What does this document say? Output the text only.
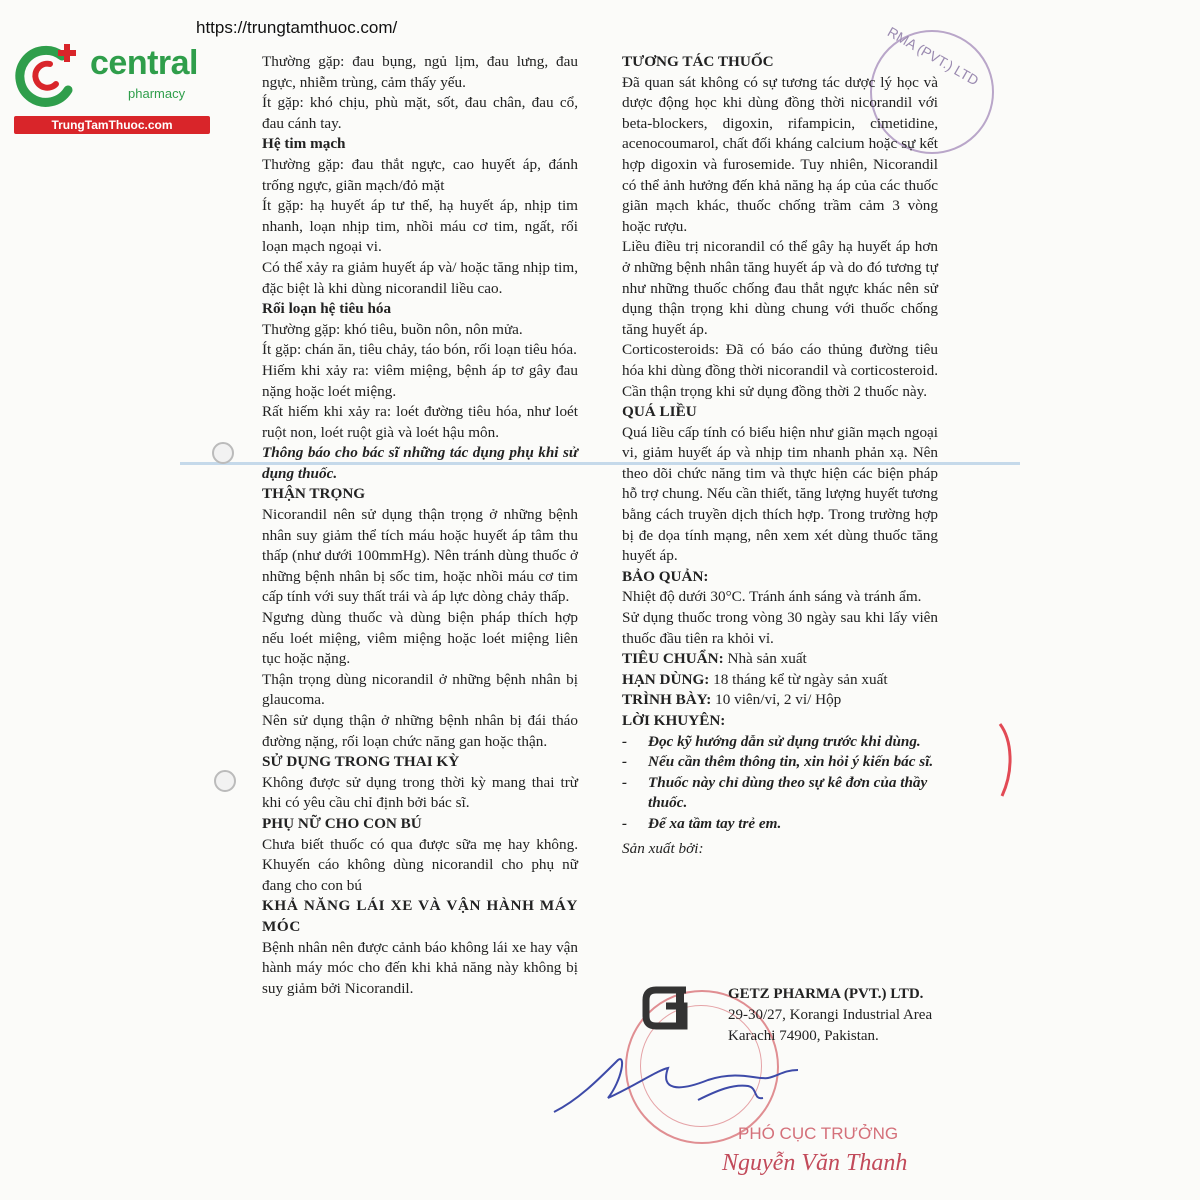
https://trungtamthuoc.com/
central
pharmacy
TrungTamThuoc.com
RMA (PVT.) LTD

Thường gặp: đau bụng, ngủ lịm, đau lưng, đau ngực, nhiễm trùng, cảm thấy yếu.

Ít gặp: khó chịu, phù mặt, sốt, đau chân, đau cổ, đau cánh tay.

Hệ tim mạch

Thường gặp: đau thắt ngực, cao huyết áp, đánh trống ngực, giãn mạch/đỏ mặt

Ít gặp: hạ huyết áp tư thế, hạ huyết áp, nhịp tim nhanh, loạn nhịp tim, nhồi máu cơ tim, ngất, rối loạn mạch ngoại vi.

Có thể xảy ra giảm huyết áp và/ hoặc tăng nhịp tim, đặc biệt là khi dùng nicorandil liều cao.

Rối loạn hệ tiêu hóa

Thường gặp: khó tiêu, buồn nôn, nôn mửa.

Ít gặp: chán ăn, tiêu chảy, táo bón, rối loạn tiêu hóa.

Hiếm khi xảy ra: viêm miệng, bệnh áp tơ gây đau nặng hoặc loét miệng.

Rất hiếm khi xảy ra: loét đường tiêu hóa, như loét ruột non, loét ruột già và loét hậu môn.

Thông báo cho bác sĩ những tác dụng phụ khi sử dụng thuốc.

THẬN TRỌNG

Nicorandil nên sử dụng thận trọng ở những bệnh nhân suy giảm thể tích máu hoặc huyết áp tâm thu thấp (như dưới 100mmHg). Nên tránh dùng thuốc ở những bệnh nhân bị sốc tim, hoặc nhồi máu cơ tim cấp tính với suy thất trái và áp lực dòng chảy thấp.

Ngưng dùng thuốc và dùng biện pháp thích hợp nếu loét miệng, viêm miệng hoặc loét miệng liên tục hoặc nặng.

Thận trọng dùng nicorandil ở những bệnh nhân bị glaucoma.

Nên sử dụng thận ở những bệnh nhân bị đái tháo đường nặng, rối loạn chức năng gan hoặc thận.

SỬ DỤNG TRONG THAI KỲ

Không được sử dụng trong thời kỳ mang thai trừ khi có yêu cầu chỉ định bởi bác sĩ.

PHỤ NỮ CHO CON BÚ

Chưa biết thuốc có qua được sữa mẹ hay không. Khuyến cáo không dùng nicorandil cho phụ nữ đang cho con bú

KHẢ NĂNG LÁI XE VÀ VẬN HÀNH MÁY MÓC

Bệnh nhân nên được cảnh báo không lái xe hay vận hành máy móc cho đến khi khả năng này không bị suy giảm bởi Nicorandil.

TƯƠNG TÁC THUỐC

Đã quan sát không có sự tương tác dược lý học và dược động học khi dùng đồng thời nicorandil với beta-blockers, digoxin, rifampicin, cimetidine, acenocoumarol, chất đối kháng calcium hoặc sự kết hợp digoxin và furosemide. Tuy nhiên, Nicorandil có thể ảnh hưởng đến khả năng hạ áp của các thuốc giãn mạch khác, thuốc chống trầm cảm 3 vòng hoặc rượu.

Liều điều trị nicorandil có thể gây hạ huyết áp hơn ở những bệnh nhân tăng huyết áp và do đó tương tự như những thuốc chống đau thắt ngực khác nên sử dụng thận trọng khi dùng chung với thuốc chống tăng huyết áp.

Corticosteroids: Đã có báo cáo thủng đường tiêu hóa khi dùng đồng thời nicorandil và corticosteroid. Cần thận trọng khi sử dụng đồng thời 2 thuốc này.

QUÁ LIỀU

Quá liều cấp tính có biểu hiện như giãn mạch ngoại vi, giảm huyết áp và nhịp tim nhanh phản xạ. Nên theo dõi chức năng tim và thực hiện các biện pháp hỗ trợ chung. Nếu cần thiết, tăng lượng huyết tương bằng cách truyền dịch thích hợp. Trong trường hợp bị đe dọa tính mạng, nên xem xét dùng thuốc tăng huyết áp.

BẢO QUẢN:

Nhiệt độ dưới 30°C. Tránh ánh sáng và tránh ẩm.

Sử dụng thuốc trong vòng 30 ngày sau khi lấy viên thuốc đầu tiên ra khỏi vỉ.

TIÊU CHUẨN: Nhà sản xuất

HẠN DÙNG: 18 tháng kể từ ngày sản xuất

TRÌNH BÀY: 10 viên/vỉ, 2 vỉ/ Hộp

LỜI KHUYÊN:

-	Đọc kỹ hướng dẫn sử dụng trước khi dùng.
-	Nếu cần thêm thông tin, xin hỏi ý kiến bác sĩ.
-	Thuốc này chỉ dùng theo sự kê đơn của thầy thuốc.
-	Để xa tầm tay trẻ em.

Sản xuất bởi:

GETZ PHARMA (PVT.) LTD.
29-30/27, Korangi Industrial Area
Karachi 74900, Pakistan.
PHÓ CỤC TRƯỞNG
Nguyễn Văn Thanh
